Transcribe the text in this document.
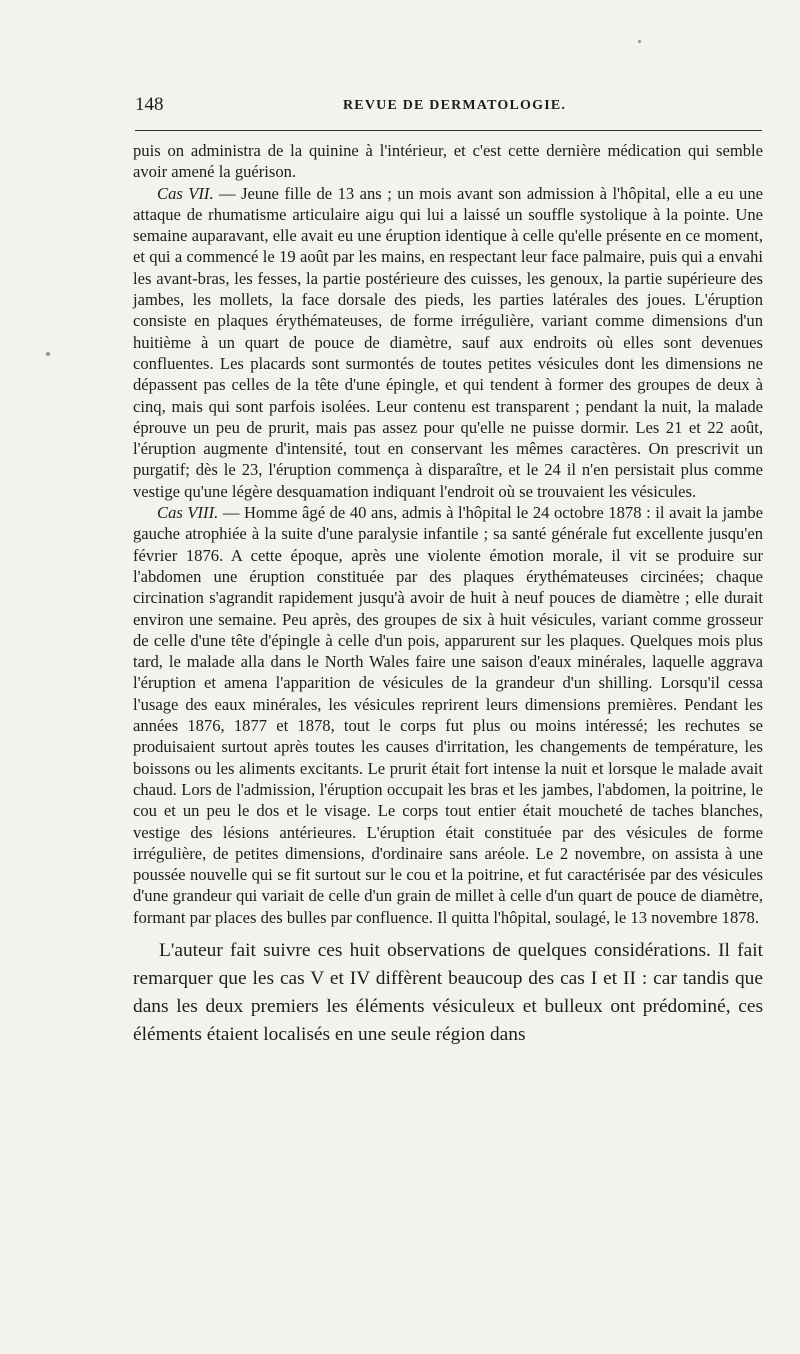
148	REVUE DE DERMATOLOGIE.

puis on administra de la quinine à l'intérieur, et c'est cette dernière médication qui semble avoir amené la guérison.

Cas VII. — Jeune fille de 13 ans ; un mois avant son admission à l'hôpital, elle a eu une attaque de rhumatisme articulaire aigu qui lui a laissé un souffle systolique à la pointe. Une semaine auparavant, elle avait eu une éruption identique à celle qu'elle présente en ce moment, et qui a commencé le 19 août par les mains, en respectant leur face palmaire, puis qui a envahi les avant-bras, les fesses, la partie postérieure des cuisses, les genoux, la partie supérieure des jambes, les mollets, la face dorsale des pieds, les parties latérales des joues. L'éruption consiste en plaques érythémateuses, de forme irrégulière, variant comme dimensions d'un huitième à un quart de pouce de diamètre, sauf aux endroits où elles sont devenues confluentes. Les placards sont surmontés de toutes petites vésicules dont les dimensions ne dépassent pas celles de la tête d'une épingle, et qui tendent à former des groupes de deux à cinq, mais qui sont parfois isolées. Leur contenu est transparent ; pendant la nuit, la malade éprouve un peu de prurit, mais pas assez pour qu'elle ne puisse dormir. Les 21 et 22 août, l'éruption augmente d'intensité, tout en conservant les mêmes caractères. On prescrivit un purgatif; dès le 23, l'éruption commença à disparaître, et le 24 il n'en persistait plus comme vestige qu'une légère desquamation indiquant l'endroit où se trouvaient les vésicules.

Cas VIII. — Homme âgé de 40 ans, admis à l'hôpital le 24 octobre 1878 : il avait la jambe gauche atrophiée à la suite d'une paralysie infantile ; sa santé générale fut excellente jusqu'en février 1876. A cette époque, après une violente émotion morale, il vit se produire sur l'abdomen une éruption constituée par des plaques érythémateuses circinées; chaque circination s'agrandit rapidement jusqu'à avoir de huit à neuf pouces de diamètre ; elle durait environ une semaine. Peu après, des groupes de six à huit vésicules, variant comme grosseur de celle d'une tête d'épingle à celle d'un pois, apparurent sur les plaques. Quelques mois plus tard, le malade alla dans le North Wales faire une saison d'eaux minérales, laquelle aggrava l'éruption et amena l'apparition de vésicules de la grandeur d'un shilling. Lorsqu'il cessa l'usage des eaux minérales, les vésicules reprirent leurs dimensions premières. Pendant les années 1876, 1877 et 1878, tout le corps fut plus ou moins intéressé; les rechutes se produisaient surtout après toutes les causes d'irritation, les changements de température, les boissons ou les aliments excitants. Le prurit était fort intense la nuit et lorsque le malade avait chaud. Lors de l'admission, l'éruption occupait les bras et les jambes, l'abdomen, la poitrine, le cou et un peu le dos et le visage. Le corps tout entier était moucheté de taches blanches, vestige des lésions antérieures. L'éruption était constituée par des vésicules de forme irrégulière, de petites dimensions, d'ordinaire sans aréole. Le 2 novembre, on assista à une poussée nouvelle qui se fit surtout sur le cou et la poitrine, et fut caractérisée par des vésicules d'une grandeur qui variait de celle d'un grain de millet à celle d'un quart de pouce de diamètre, formant par places des bulles par confluence. Il quitta l'hôpital, soulagé, le 13 novembre 1878.

L'auteur fait suivre ces huit observations de quelques considérations. Il fait remarquer que les cas V et IV diffèrent beaucoup des cas I et II : car tandis que dans les deux premiers les éléments vésiculeux et bulleux ont prédominé, ces éléments étaient localisés en une seule région dans
